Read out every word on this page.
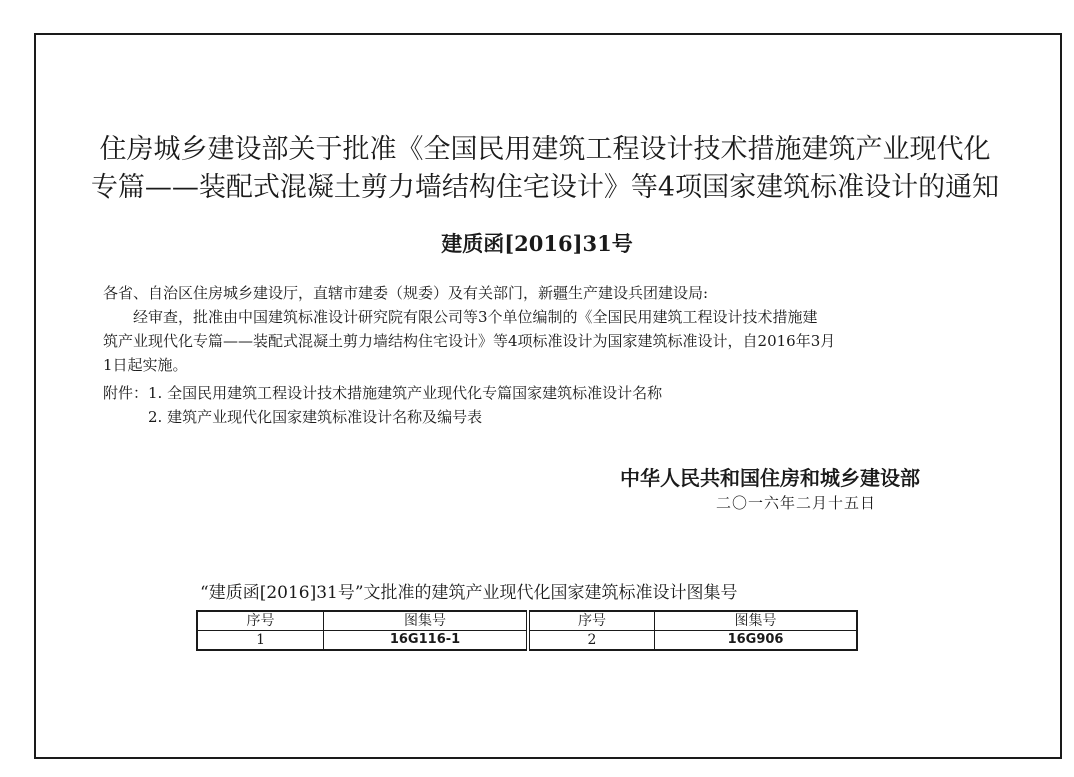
住房城乡建设部关于批准《全国民用建筑工程设计技术措施建筑产业现代化
专篇——装配式混凝土剪力墙结构住宅设计》等4项国家建筑标准设计的通知
建质函[2016]31号
各省、自治区住房城乡建设厅，直辖市建委（规委）及有关部门，新疆生产建设兵团建设局:
　　经审查，批准由中国建筑标准设计研究院有限公司等3个单位编制的《全国民用建筑工程设计技术措施建
筑产业现代化专篇——装配式混凝土剪力墙结构住宅设计》等4项标准设计为国家建筑标准设计，自2016年3月
1日起实施。
附件：1. 全国民用建筑工程设计技术措施建筑产业现代化专篇国家建筑标准设计名称
　　　2. 建筑产业现代化国家建筑标准设计名称及编号表
中华人民共和国住房和城乡建设部
二〇一六年二月十五日
“建质函[2016]31号”文批准的建筑产业现代化国家建筑标准设计图集号
序号	图集号	序号	图集号
1	16G116-1	2	16G906
